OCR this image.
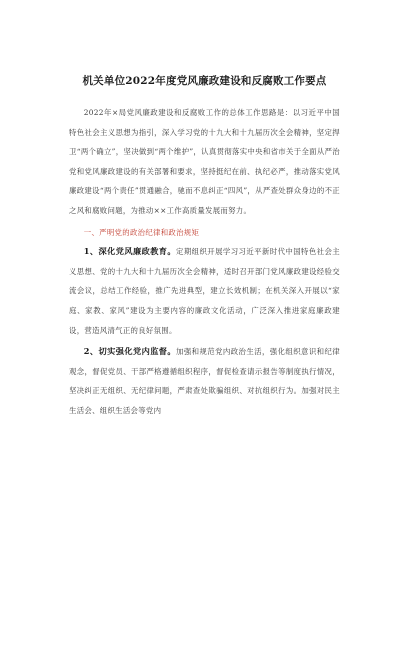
机关单位2022年度党风廉政建设和反腐败工作要点

2022年×局党风廉政建设和反腐败工作的总体工作思路是：以习近平中国特色社会主义思想为指引，深入学习党的十九大和十九届历次全会精神，坚定捍卫“两个确立”，坚决做到“两个维护”，认真贯彻落实中央和省市关于全面从严治党和党风廉政建设的有关部署和要求，坚持挺纪在前、执纪必严，推动落实党风廉政建设“两个责任”贯通融合，驰而不息纠正“四风”，从严查处群众身边的不正之风和腐败问题，为推动××工作高质量发展而努力。

一、严明党的政治纪律和政治规矩

1、深化党风廉政教育。定期组织开展学习习近平新时代中国特色社会主义思想、党的十九大和十九届历次全会精神，适时召开部门党风廉政建设经验交流会议，总结工作经验，推广先进典型，建立长效机制；在机关深入开展以“家庭、家教、家风”建设为主要内容的廉政文化活动，广泛深入推进家庭廉政建设，营造风清气正的良好氛围。

2、切实强化党内监督。加强和规范党内政治生活，强化组织意识和纪律观念，督促党员、干部严格遵循组织程序，督促检查请示报告等制度执行情况，坚决纠正无组织、无纪律问题，严肃查处欺骗组织、对抗组织行为。加强对民主生活会、组织生活会等党内
